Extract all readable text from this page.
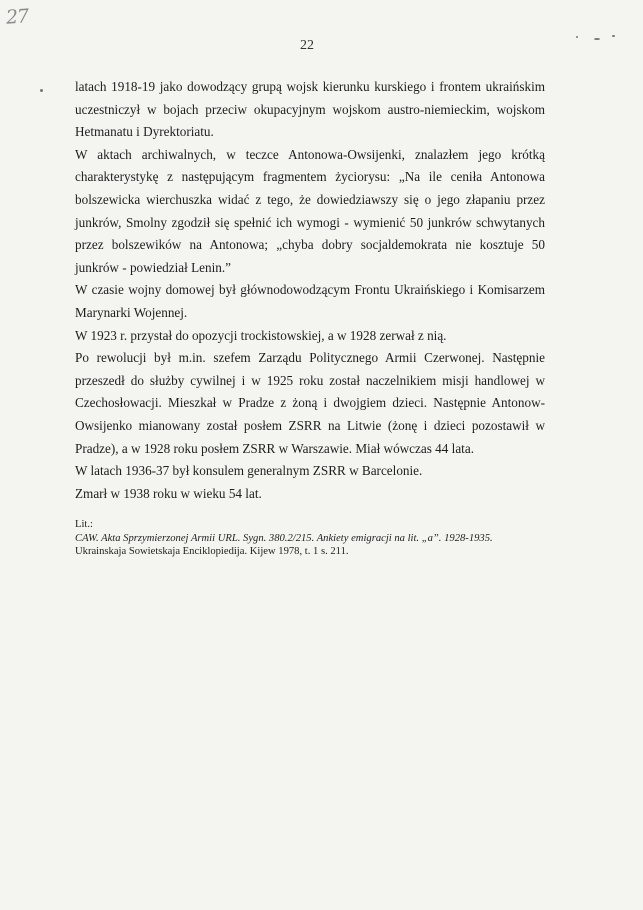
27
22

latach 1918-19 jako dowodzący grupą wojsk kierunku kurskiego i frontem ukraińskim uczestniczył w bojach przeciw okupacyjnym wojskom austro-niemieckim, wojskom Hetmanatu i Dyrektoriatu.

W aktach archiwalnych, w teczce Antonowa-Owsijenki, znalazłem jego krótką charakterystykę z następującym fragmentem życiorysu: „Na ile ceniła Antonowa bolszewicka wierchuszka widać z tego, że dowiedziawszy się o jego złapaniu przez junkrów, Smolny zgodził się spełnić ich wymogi - wymienić 50 junkrów schwytanych przez bolszewików na Antonowa; „chyba dobry socjaldemokrata nie kosztuje 50 junkrów - powiedział Lenin.”

W czasie wojny domowej był głównodowodzącym Frontu Ukraińskiego i Komisarzem Marynarki Wojennej.

W 1923 r. przystał do opozycji trockistowskiej, a w 1928 zerwał z nią.

Po rewolucji był m.in. szefem Zarządu Politycznego Armii Czerwonej. Następnie przeszedł do służby cywilnej i w 1925 roku został naczelnikiem misji handlowej w Czechosłowacji. Mieszkał w Pradze z żoną i dwojgiem dzieci. Następnie Antonow-Owsijenko mianowany został posłem ZSRR na Litwie (żonę i dzieci pozostawił w Pradze), a w 1928 roku posłem ZSRR w Warszawie. Miał wówczas 44 lata.

W latach 1936-37 był konsulem generalnym ZSRR w Barcelonie.

Zmarł w 1938 roku w wieku 54 lat.

Lit.:
CAW. Akta Sprzymierzonej Armii URL. Sygn. 380.2/215. Ankiety emigracji na lit. „a”. 1928-1935.
Ukrainskaja Sowietskaja Enciklopiedija. Kijew 1978, t. 1 s. 211.
